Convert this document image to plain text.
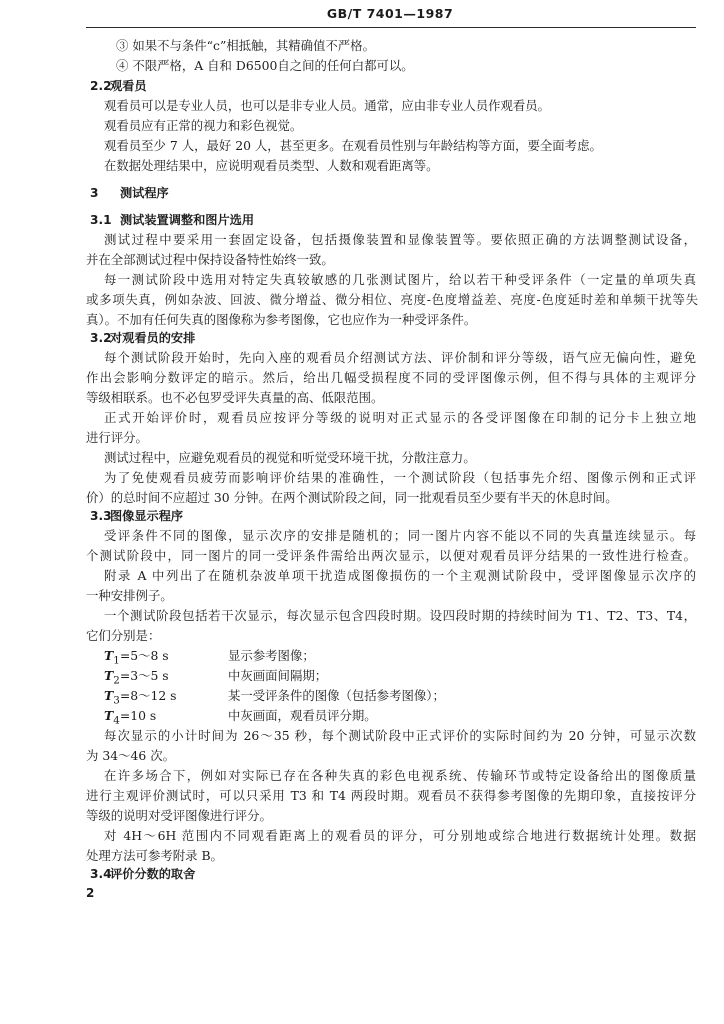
GB/T 7401—1987

③ 如果不与条件“c”相抵触，其精确值不严格。

④ 不限严格，A 自和 D6500自之间的任何白都可以。

2.2观看员

观看员可以是专业人员，也可以是非专业人员。通常，应由非专业人员作观看员。

观看员应有正常的视力和彩色视觉。

观看员至少 7 人，最好 20 人，甚至更多。在观看员性别与年龄结构等方面，要全面考虑。

在数据处理结果中，应说明观看员类型、人数和观看距离等。

3 测试程序
3.1 测试装置调整和图片选用

测试过程中要采用一套固定设备，包括摄像装置和显像装置等。要依照正确的方法调整测试设备，

并在全部测试过程中保持设备特性始终一致。

每一测试阶段中选用对特定失真较敏感的几张测试图片，给以若干种受评条件（一定量的单项失真

或多项失真，例如杂波、回波、微分增益、微分相位、亮度-色度增益差、亮度-色度延时差和单频干扰等失

真）。不加有任何失真的图像称为参考图像，它也应作为一种受评条件。

3.2对观看员的安排

每个测试阶段开始时，先向入座的观看员介绍测试方法、评价制和评分等级，语气应无偏向性，避免

作出会影响分数评定的暗示。然后，给出几幅受损程度不同的受评图像示例，但不得与具体的主观评分

等级相联系。也不必包罗受评失真量的高、低限范围。

正式开始评价时，观看员应按评分等级的说明对正式显示的各受评图像在印制的记分卡上独立地

进行评分。

测试过程中，应避免观看员的视觉和听觉受环境干扰，分散注意力。

为了免使观看员疲劳而影响评价结果的准确性，一个测试阶段（包括事先介绍、图像示例和正式评

价）的总时间不应超过 30 分钟。在两个测试阶段之间，同一批观看员至少要有半天的休息时间。

3.3图像显示程序

受评条件不同的图像，显示次序的安排是随机的；同一图片内容不能以不同的失真量连续显示。每

个测试阶段中，同一图片的同一受评条件需给出两次显示，以便对观看员评分结果的一致性进行检查。

附录 A 中列出了在随机杂波单项干扰造成图像损伤的一个主观测试阶段中，受评图像显示次序的

一种安排例子。

一个测试阶段包括若干次显示，每次显示包含四段时期。设四段时期的持续时间为 T1、T2、T3、T4，

它们分别是：

$T_1=5\sim 8$ s	显示参考图像；

$T_2=3\sim 5$ s	中灰画面间隔期；

$T_3=8\sim 12$ s	某一受评条件的图像（包括参考图像）；

$T_4=10$ s	中灰画面，观看员评分期。

每次显示的小计时间为 26～35 秒，每个测试阶段中正式评价的实际时间约为 20 分钟，可显示次数

为 34～46 次。

在许多场合下，例如对实际已存在各种失真的彩色电视系统、传输环节或特定设备给出的图像质量

进行主观评价测试时，可以只采用 T3 和 T4 两段时期。观看员不获得参考图像的先期印象，直接按评分

等级的说明对受评图像进行评分。

对 4H～6H 范围内不同观看距离上的观看员的评分，可分别地或综合地进行数据统计处理。数据

处理方法可参考附录 B。

3.4评价分数的取舍
2
